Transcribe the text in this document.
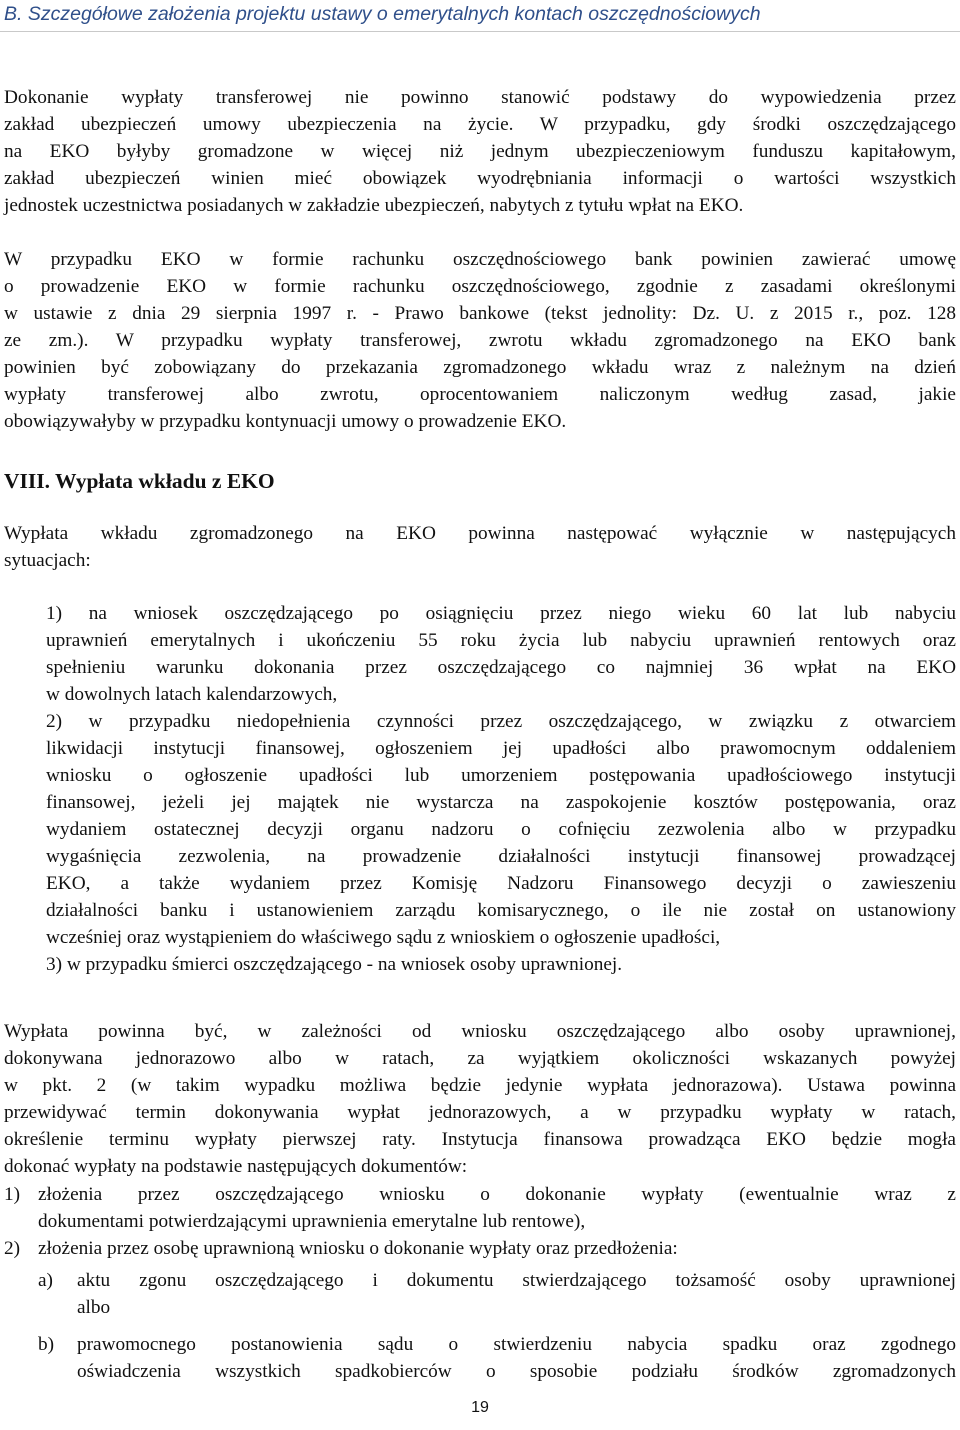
B. Szczegółowe założenia projektu ustawy o emerytalnych kontach oszczędnościowych
Dokonanie wypłaty transferowej nie powinno stanowić podstawy do wypowiedzenia przez
zakład ubezpieczeń umowy ubezpieczenia na życie. W przypadku, gdy środki oszczędzającego
na EKO byłyby gromadzone w więcej niż jednym ubezpieczeniowym funduszu kapitałowym,
zakład ubezpieczeń winien mieć obowiązek wyodrębniania informacji o wartości wszystkich
jednostek uczestnictwa posiadanych w zakładzie ubezpieczeń, nabytych z tytułu wpłat na EKO.
W przypadku EKO w formie rachunku oszczędnościowego bank powinien zawierać umowę
o prowadzenie EKO w formie rachunku oszczędnościowego, zgodnie z zasadami określonymi
w ustawie z dnia 29 sierpnia 1997 r. - Prawo bankowe (tekst jednolity: Dz. U. z 2015 r., poz. 128
ze zm.). W przypadku wypłaty transferowej, zwrotu wkładu zgromadzonego na EKO bank
powinien być zobowiązany do przekazania zgromadzonego wkładu wraz z należnym na dzień
wypłaty transferowej albo zwrotu, oprocentowaniem naliczonym według zasad, jakie
obowiązywałyby w przypadku kontynuacji umowy o prowadzenie EKO.
VIII. Wypłata wkładu z EKO
Wypłata wkładu zgromadzonego na EKO powinna następować wyłącznie w następujących
sytuacjach:
1) na wniosek oszczędzającego po osiągnięciu przez niego wieku 60 lat lub nabyciu
uprawnień emerytalnych i ukończeniu 55 roku życia lub nabyciu uprawnień rentowych oraz
spełnieniu warunku dokonania przez oszczędzającego co najmniej 36 wpłat na EKO
w dowolnych latach kalendarzowych,
2) w przypadku niedopełnienia czynności przez oszczędzającego, w związku z otwarciem
likwidacji instytucji finansowej, ogłoszeniem jej upadłości albo prawomocnym oddaleniem
wniosku o ogłoszenie upadłości lub umorzeniem postępowania upadłościowego instytucji
finansowej, jeżeli jej majątek nie wystarcza na zaspokojenie kosztów postępowania, oraz
wydaniem ostatecznej decyzji organu nadzoru o cofnięciu zezwolenia albo w przypadku
wygaśnięcia zezwolenia, na prowadzenie działalności instytucji finansowej prowadzącej
EKO, a także wydaniem przez Komisję Nadzoru Finansowego decyzji o zawieszeniu
działalności banku i ustanowieniem zarządu komisarycznego, o ile nie został on ustanowiony
wcześniej oraz wystąpieniem do właściwego sądu z wnioskiem o ogłoszenie upadłości,
3) w przypadku śmierci oszczędzającego - na wniosek osoby uprawnionej.
Wypłata powinna być, w zależności od wniosku oszczędzającego albo osoby uprawnionej,
dokonywana jednorazowo albo w ratach, za wyjątkiem okoliczności wskazanych powyżej
w pkt. 2 (w takim wypadku możliwa będzie jedynie wypłata jednorazowa). Ustawa powinna
przewidywać termin dokonywania wypłat jednorazowych, a w przypadku wypłaty w ratach,
określenie terminu wypłaty pierwszej raty. Instytucja finansowa prowadząca EKO będzie mogła
dokonać wypłaty na podstawie następujących dokumentów:
1) złożenia przez oszczędzającego wniosku o dokonanie wypłaty (ewentualnie wraz z
dokumentami potwierdzającymi uprawnienia emerytalne lub rentowe),
2) złożenia przez osobę uprawnioną wniosku o dokonanie wypłaty oraz przedłożenia:
a) aktu zgonu oszczędzającego i dokumentu stwierdzającego tożsamość osoby uprawnionej
albo
b) prawomocnego postanowienia sądu o stwierdzeniu nabycia spadku oraz zgodnego
oświadczenia wszystkich spadkobierców o sposobie podziału środków zgromadzonych
19
